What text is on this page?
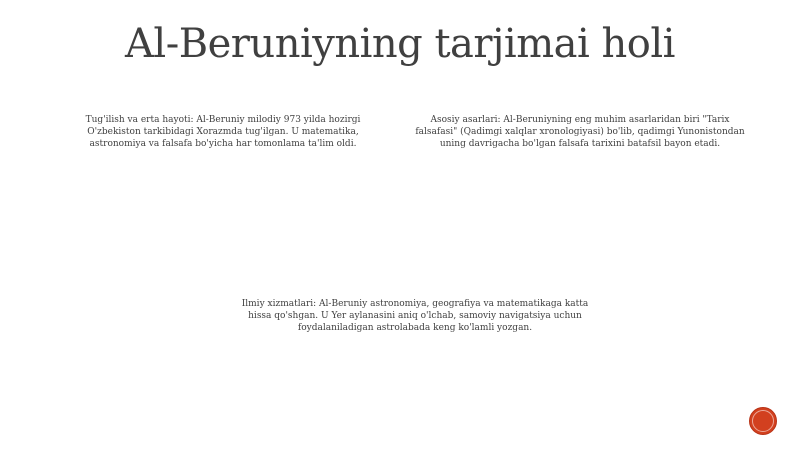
Al-Beruniyning tarjimai holi
Tug'ilish va erta hayoti: Al-Beruniy milodiy 973 yilda hozirgi O'zbekiston tarkibidagi Xorazmda tug'ilgan. U matematika, astronomiya va falsafa bo'yicha har tomonlama ta'lim oldi.
Asosiy asarlari: Al-Beruniyning eng muhim asarlaridan biri "Tarix falsafasi" (Qadimgi xalqlar xronologiyasi) bo'lib, qadimgi Yunonistondan uning davrigacha bo'lgan falsafa tarixini batafsil bayon etadi.
Ilmiy xizmatlari: Al-Beruniy astronomiya, geografiya va matematikaga katta hissa qo'shgan. U Yer aylanasini aniq o'lchab, samoviy navigatsiya uchun foydalaniladigan astrolabada keng ko'lamli yozgan.
